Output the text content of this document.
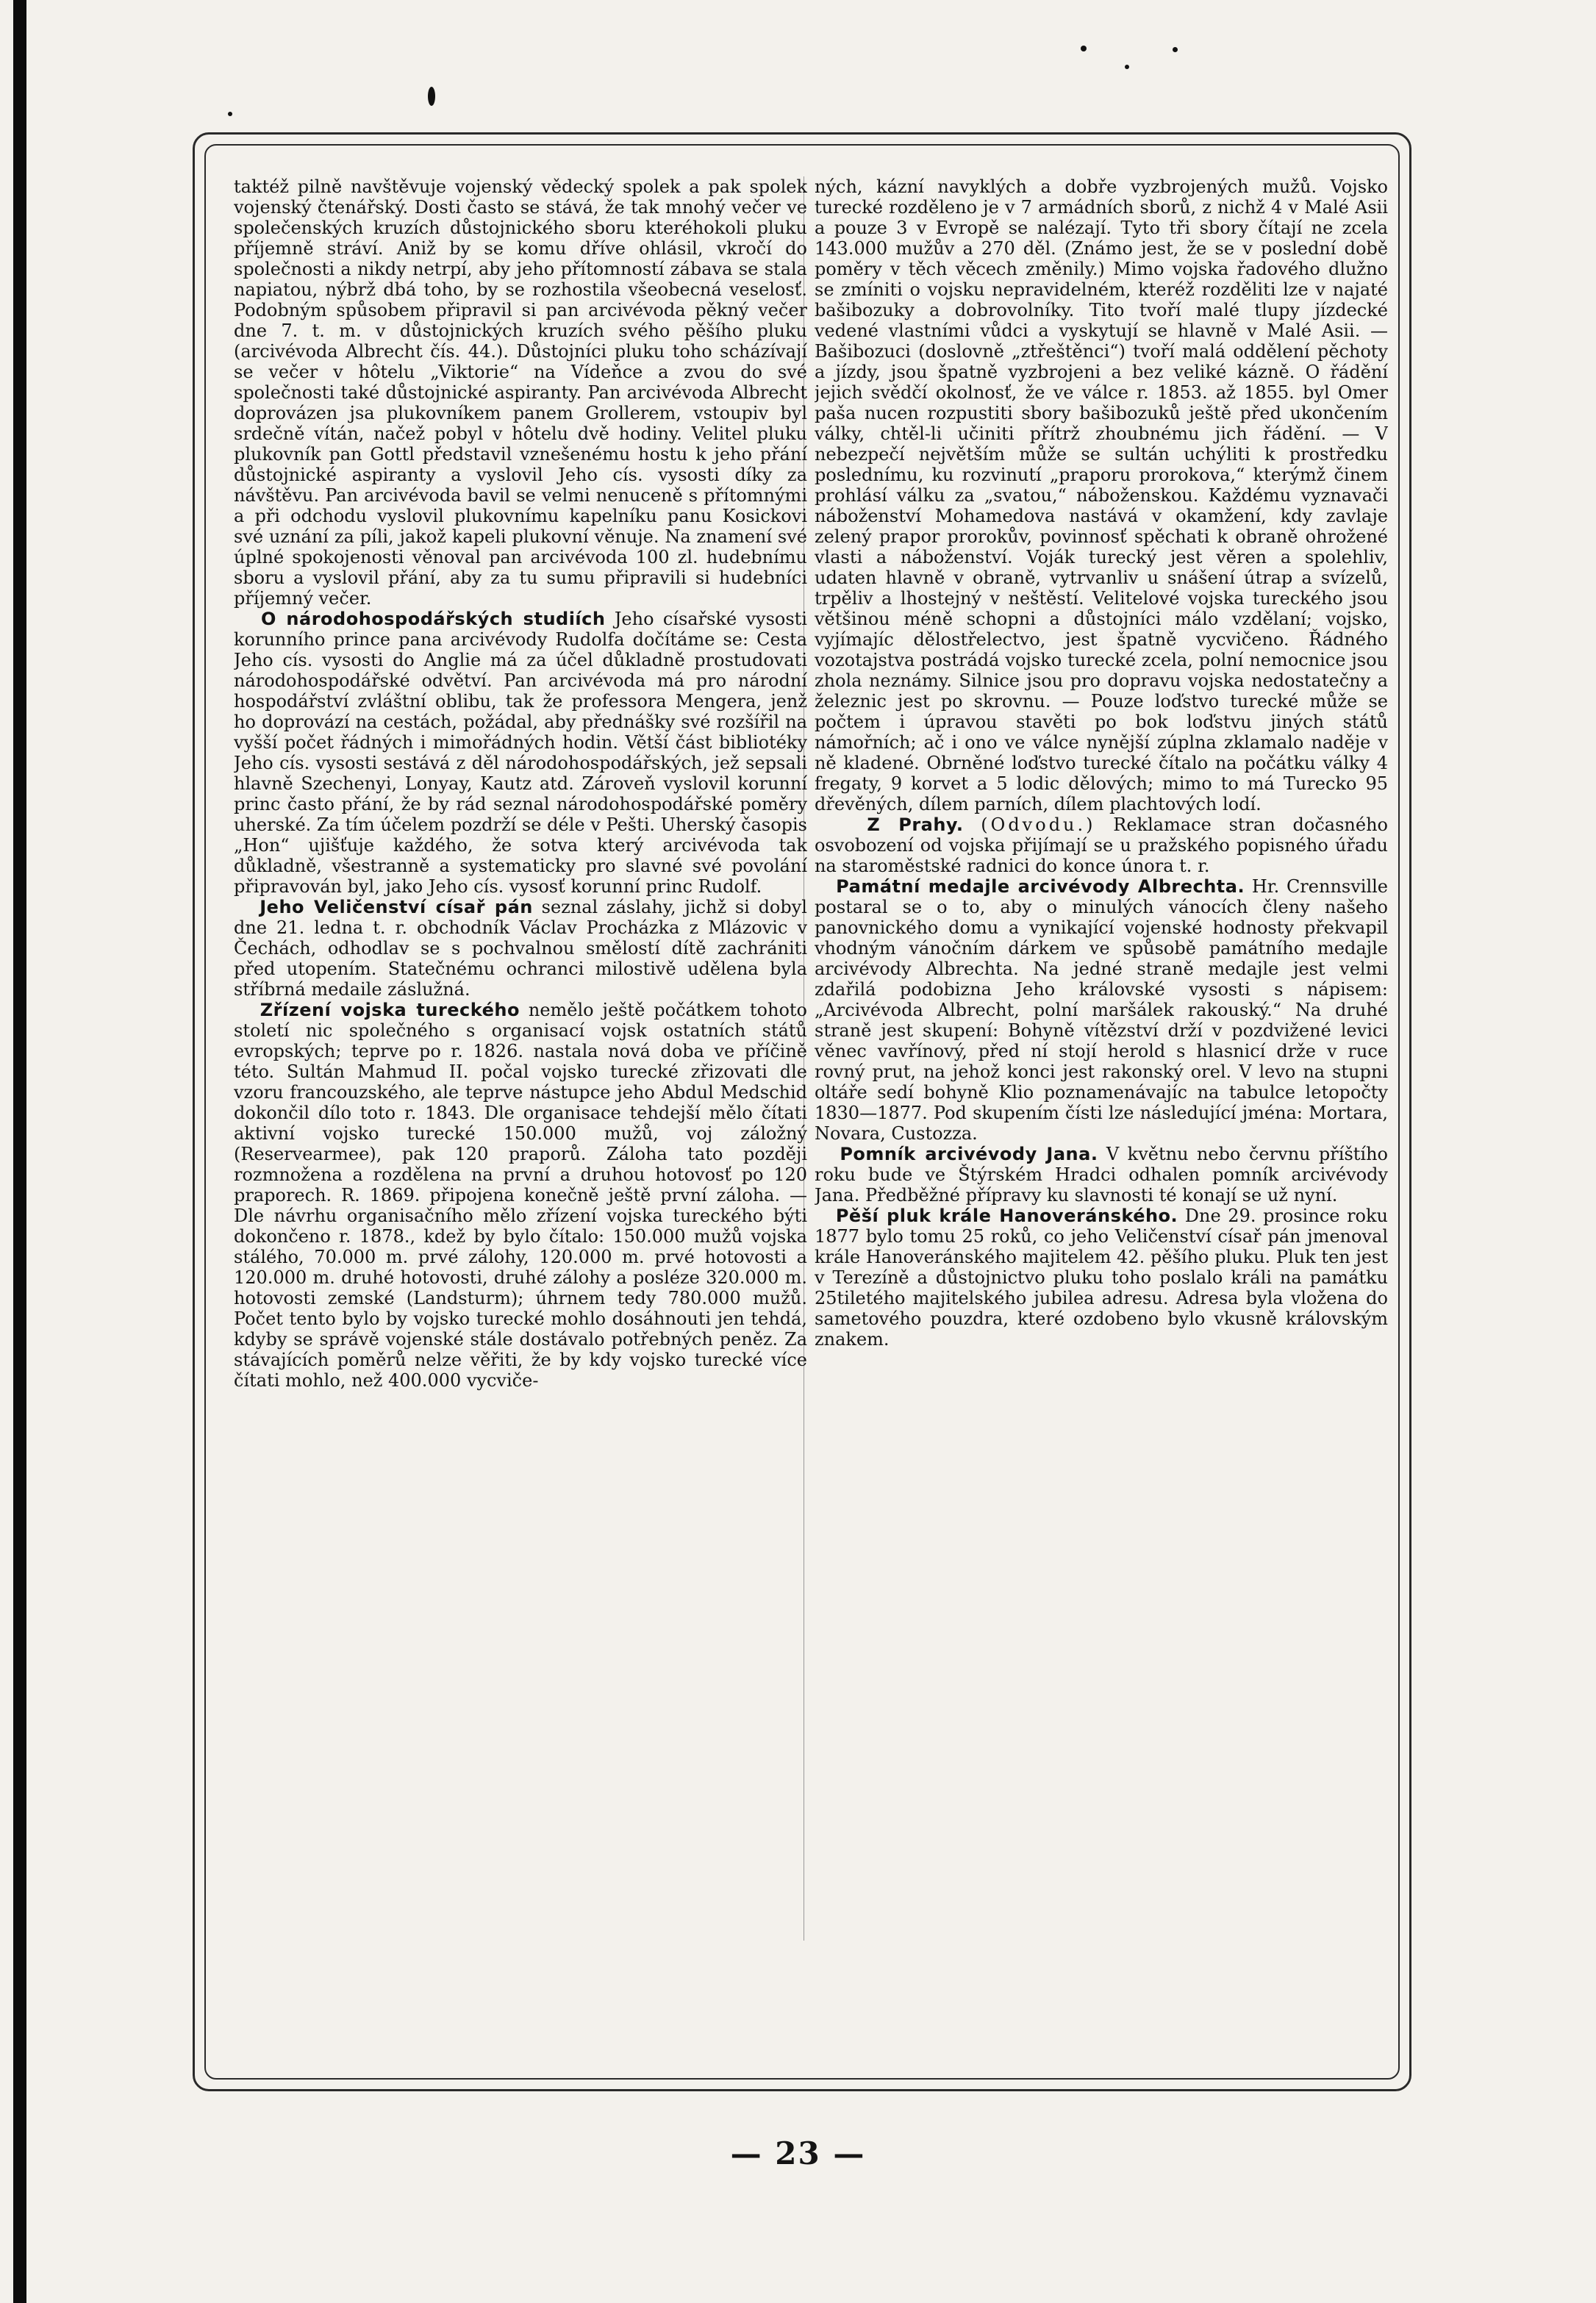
taktéž pilně navštěvuje vojenský vědecký spolek a pak spolek vojenský čtenářský. Dosti často se stává, že tak mnohý večer ve společenských kruzích důstojnického sboru kteréhokoli pluku příjemně stráví. Aniž by se komu dříve ohlásil, vkročí do společnosti a nikdy netrpí, aby jeho přítomností zábava se stala napiatou, nýbrž dbá toho, by se rozhostila všeobecná veselosť. Podobným spůsobem připravil si pan arcivévoda pěkný večer dne 7. t. m. v důstojnických kruzích svého pěšího pluku (arcivévoda Albrecht čís. 44.). Důstojníci pluku toho scházívají se večer v hôtelu „Viktorie“ na Vídeňce a zvou do své společnosti také důstojnické aspiranty. Pan arcivévoda Albrecht doprovázen jsa plukovníkem panem Grollerem, vstoupiv byl srdečně vítán, načež pobyl v hôtelu dvě hodiny. Velitel pluku plukovník pan Gottl představil vznešenému hostu k jeho přání důstojnické aspiranty a vyslovil Jeho cís. vysosti díky za návštěvu. Pan arcivévoda bavil se velmi nenuceně s přítomnými a při odchodu vyslovil plukovnímu kapelníku panu Kosickovi své uznání za píli, jakož kapeli plukovní věnuje. Na znamení své úplné spokojenosti věnoval pan arcivévoda 100 zl. hudebnímu sboru a vyslovil přání, aby za tu sumu připravili si hudebníci příjemný večer.

O národohospodářských studiích Jeho císařské vysosti korunního prince pana arcivévody Rudolfa dočítáme se: Cesta Jeho cís. vysosti do Anglie má za účel důkladně prostudovati národohospodářské odvětví. Pan arcivévoda má pro národní hospodářství zvláštní oblibu, tak že professora Mengera, jenž ho doprovází na cestách, požádal, aby přednášky své rozšířil na vyšší počet řádných i mimořádných hodin. Větší část bibliotéky Jeho cís. vysosti sestává z děl národohospodářských, jež sepsali hlavně Szechenyi, Lonyay, Kautz atd. Zároveň vyslovil korunní princ často přání, že by rád seznal národohospodářské poměry uherské. Za tím účelem pozdrží se déle v Pešti. Uherský časopis „Hon“ ujišťuje každého, že sotva který arcivévoda tak důkladně, všestranně a systematicky pro slavné své povolání připravován byl, jako Jeho cís. vysosť korunní princ Rudolf.

Jeho Veličenství císař pán seznal záslahy, jichž si dobyl dne 21. ledna t. r. obchodník Václav Procházka z Mlázovic v Čechách, odhodlav se s pochvalnou smělostí dítě zachrániti před utopením. Statečnému ochranci milostivě udělena byla stříbrná medaile záslužná.

Zřízení vojska tureckého nemělo ještě počátkem tohoto století nic společného s organisací vojsk ostatních států evropských; teprve po r. 1826. nastala nová doba ve příčině této. Sultán Mahmud II. počal vojsko turecké zřizovati dle vzoru francouzského, ale teprve nástupce jeho Abdul Medschid dokončil dílo toto r. 1843. Dle organisace tehdejší mělo čítati aktivní vojsko turecké 150.000 mužů, voj záložný (Reservearmee), pak 120 praporů. Záloha tato později rozmnožena a rozdělena na první a druhou hotovosť po 120 praporech. R. 1869. připojena konečně ještě první záloha. — Dle návrhu organisačního mělo zřízení vojska tureckého býti dokončeno r. 1878., kdež by bylo čítalo: 150.000 mužů vojska stálého, 70.000 m. prvé zálohy, 120.000 m. prvé hotovosti a 120.000 m. druhé hotovosti, druhé zálohy a posléze 320.000 m. hotovosti zemské (Landsturm); úhrnem tedy 780.000 mužů. Počet tento bylo by vojsko turecké mohlo dosáhnouti jen tehdá, kdyby se správě vojenské stále dostávalo potřebných peněz. Za stávajících poměrů nelze věřiti, že by kdy vojsko turecké více čítati mohlo, než 400.000 vycviče-

ných, kázní navyklých a dobře vyzbrojených mužů. Vojsko turecké rozděleno je v 7 armádních sborů, z nichž 4 v Malé Asii a pouze 3 v Evropě se nalézají. Tyto tři sbory čítají ne zcela 143.000 mužův a 270 děl. (Známo jest, že se v poslední době poměry v těch věcech změnily.) Mimo vojska řadového dlužno se zmíniti o vojsku nepravidelném, kteréž rozděliti lze v najaté bašibozuky a dobrovolníky. Tito tvoří malé tlupy jízdecké vedené vlastními vůdci a vyskytují se hlavně v Malé Asii. — Bašibozuci (doslovně „ztřeštěnci“) tvoří malá oddělení pěchoty a jízdy, jsou špatně vyzbrojeni a bez veliké kázně. O řádění jejich svědčí okolnosť, že ve válce r. 1853. až 1855. byl Omer paša nucen rozpustiti sbory bašibozuků ještě před ukončením války, chtěl-li učiniti přítrž zhoubnému jich řádění. — V nebezpečí největším může se sultán uchýliti k prostředku poslednímu, ku rozvinutí „praporu prorokova,“ kterýmž činem prohlásí válku za „svatou,“ náboženskou. Každému vyznavači náboženství Mohamedova nastává v okamžení, kdy zavlaje zelený prapor prorokův, povinnosť spěchati k obraně ohrožené vlasti a náboženství. Voják turecký jest věren a spolehliv, udaten hlavně v obraně, vytrvanliv u snášení útrap a svízelů, trpěliv a lhostejný v neštěstí. Velitelové vojska tureckého jsou většinou méně schopni a důstojníci málo vzdělaní; vojsko, vyjímajíc dělostřelectvo, jest špatně vycvičeno. Řádného vozotajstva postrádá vojsko turecké zcela, polní nemocnice jsou zhola neznámy. Silnice jsou pro dopravu vojska nedostatečny a železnic jest po skrovnu. — Pouze loďstvo turecké může se počtem i úpravou stavěti po bok loďstvu jiných států námořních; ač i ono ve válce nynější zúplna zklamalo naděje v ně kladené. Obrněné loďstvo turecké čítalo na počátku války 4 fregaty, 9 korvet a 5 lodic dělových; mimo to má Turecko 95 dřevěných, dílem parních, dílem plachtových lodí.

Z Prahy. (Odvodu.) Reklamace stran dočasného osvobození od vojska přijímají se u pražského popisného úřadu na staroměstské radnici do konce února t. r.

Památní medajle arcivévody Albrechta. Hr. Crennsville postaral se o to, aby o minulých vánocích členy našeho panovnického domu a vynikající vojenské hodnosty překvapil vhodným vánočním dárkem ve spůsobě památního medajle arcivévody Albrechta. Na jedné straně medajle jest velmi zdařilá podobizna Jeho královské vysosti s nápisem: „Arcivévoda Albrecht, polní maršálek rakouský.“ Na druhé straně jest skupení: Bohyně vítězství drží v pozdvižené levici věnec vavřínový, před ní stojí herold s hlasnicí drže v ruce rovný prut, na jehož konci jest rakonský orel. V levo na stupni oltáře sedí bohyně Klio poznamenávajíc na tabulce letopočty 1830—1877. Pod skupením čísti lze následující jména: Mortara, Novara, Custozza.

Pomník arcivévody Jana. V květnu nebo červnu příštího roku bude ve Štýrském Hradci odhalen pomník arcivévody Jana. Předběžné přípravy ku slavnosti té konají se už nyní.

Pěší pluk krále Hanoveránského. Dne 29. prosince roku 1877 bylo tomu 25 roků, co jeho Veličenství císař pán jmenoval krále Hanoveránského majitelem 42. pěšího pluku. Pluk ten jest v Terezíně a důstojnictvo pluku toho poslalo králi na památku 25tiletého majitelského jubilea adresu. Adresa byla vložena do sametového pouzdra, které ozdobeno bylo vkusně královským znakem.

— 23 —
